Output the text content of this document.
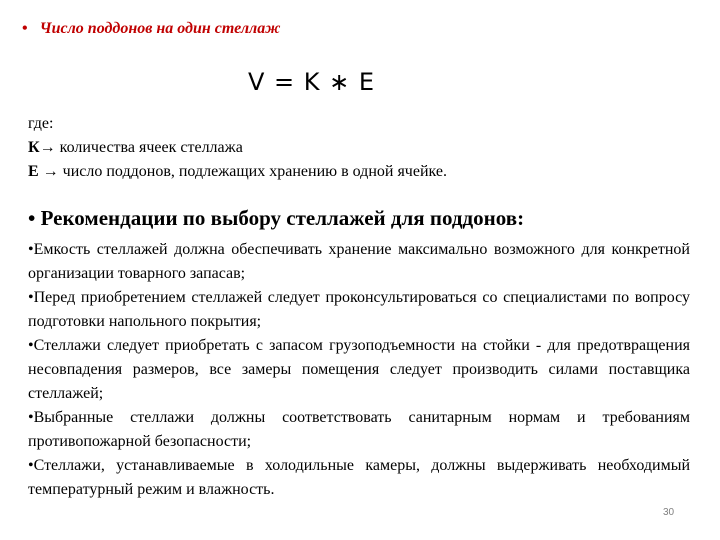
• Число поддонов на один стеллаж
V = K ∗ E
где:
К→ количества ячеек стеллажа
Е → число поддонов, подлежащих хранению в одной ячейке.
• Рекомендации по выбору стеллажей для поддонов:

•Емкость стеллажей должна обеспечивать хранение максимально возможного для конкретной организации товарного запасав;

•Перед приобретением стеллажей следует проконсультироваться со специалистами по вопросу подготовки напольного покрытия;

•Стеллажи следует приобретать с запасом грузоподъемности на стойки - для предотвращения несовпадения размеров, все замеры помещения следует производить силами поставщика стеллажей;

•Выбранные стеллажи должны соответствовать санитарным нормам и требованиям противопожарной безопасности;

•Стеллажи, устанавливаемые в холодильные камеры, должны выдерживать необходимый температурный режим и влажность.

30
